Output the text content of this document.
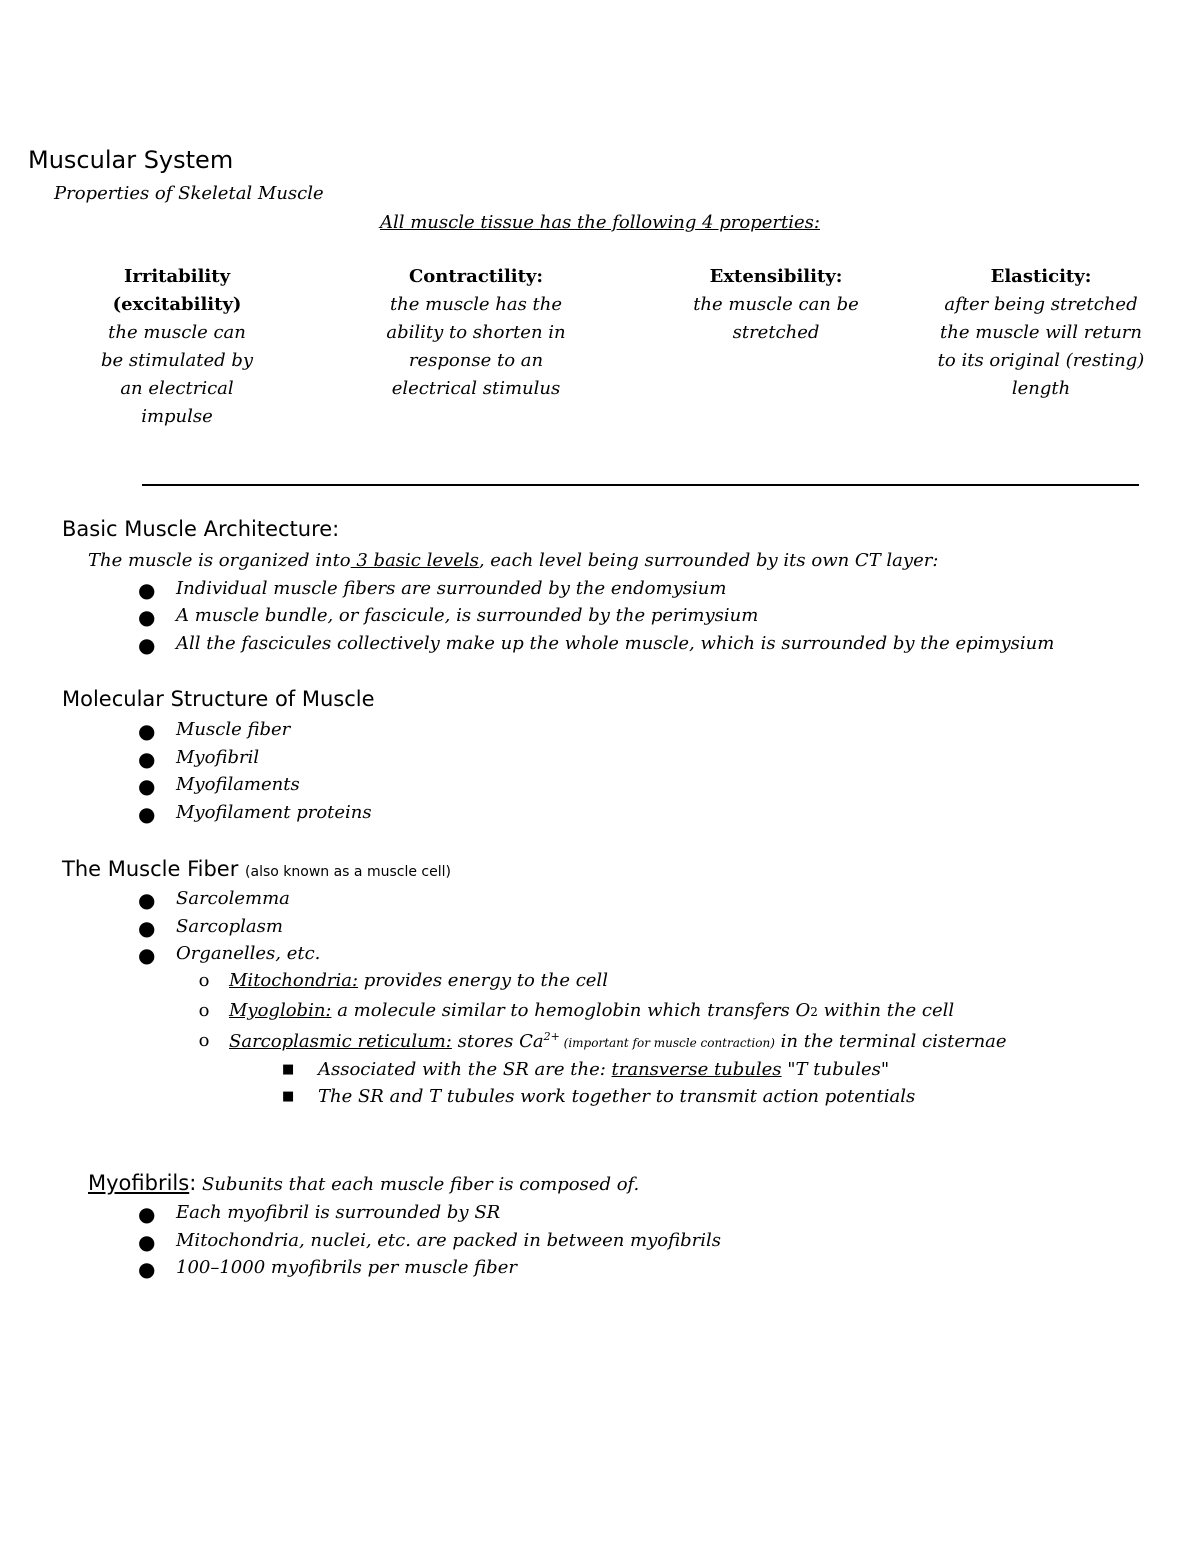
Muscular System
Properties of Skeletal Muscle
All muscle tissue has the following 4 properties:
Irritability
(excitability)
the muscle can be stimulated by an electrical impulse
Contractility:
the muscle has the ability to shorten in response to an electrical stimulus
Extensibility:
the muscle can be stretched
Elasticity:
after being stretched the muscle will return to its original (resting) length
Basic Muscle Architecture:
The muscle is organized into 3 basic levels, each level being surrounded by its own CT layer:
● Individual muscle fibers are surrounded by the endomysium
● A muscle bundle, or fascicule, is surrounded by the perimysium
● All the fascicules collectively make up the whole muscle, which is surrounded by the epimysium
Molecular Structure of Muscle
● Muscle fiber
● Myofibril
● Myofilaments
● Myofilament proteins
The Muscle Fiber (also known as a muscle cell)
● Sarcolemma
● Sarcoplasm
● Organelles, etc.
o Mitochondria: provides energy to the cell
o Myoglobin: a molecule similar to hemoglobin which transfers O2 within the cell
o Sarcoplasmic reticulum: stores $Ca^{2+}$ (important for muscle contraction) in the terminal cisternae
■ Associated with the SR are the: transverse tubules "T tubules"
■ The SR and T tubules work together to transmit action potentials
Myofibrils: Subunits that each muscle fiber is composed of.
● Each myofibril is surrounded by SR
● Mitochondria, nuclei, etc. are packed in between myofibrils
● 100–1000 myofibrils per muscle fiber
